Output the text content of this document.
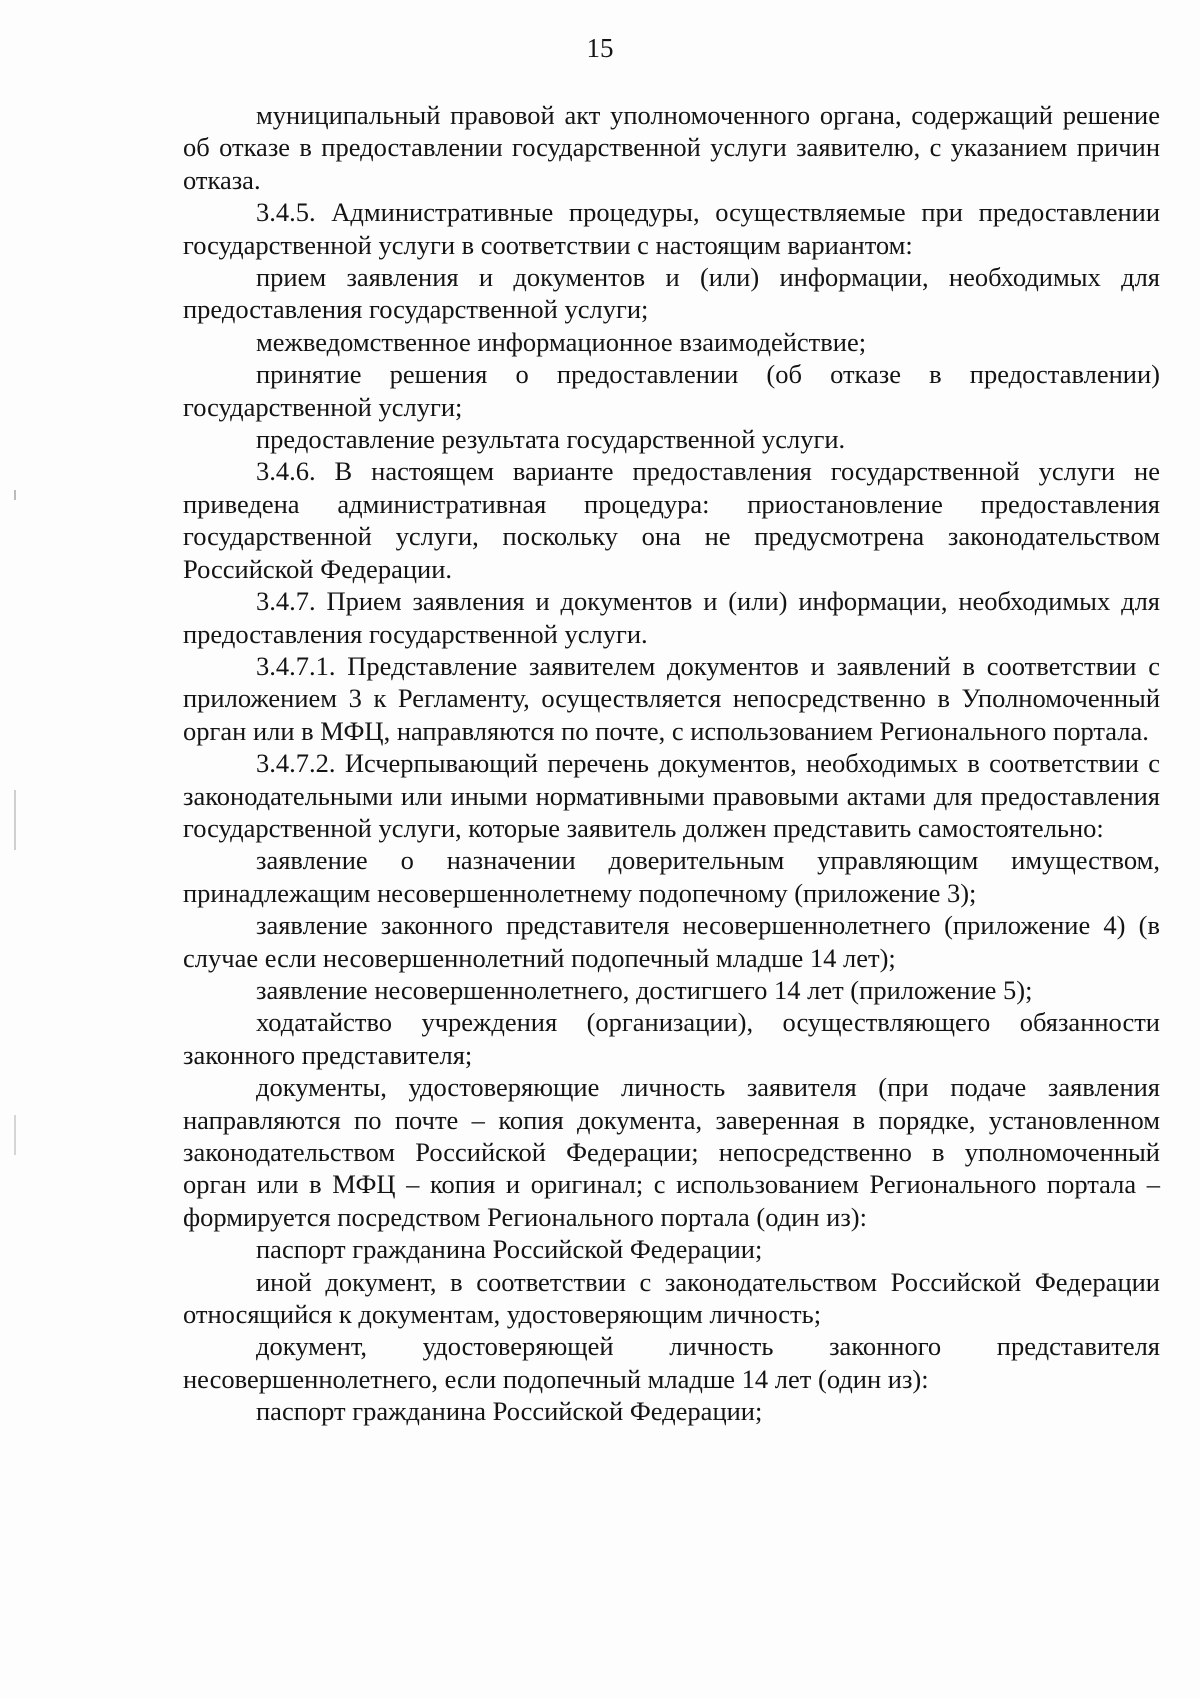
15

муниципальный правовой акт уполномоченного органа, содержащий решение об отказе в предоставлении государственной услуги заявителю, с указанием причин отказа.

3.4.5. Административные процедуры, осуществляемые при предоставлении государственной услуги в соответствии с настоящим вариантом:

прием заявления и документов и (или) информации, необходимых для предоставления государственной услуги;

межведомственное информационное взаимодействие;

принятие решения о предоставлении (об отказе в предоставлении) государственной услуги;

предоставление результата государственной услуги.

3.4.6. В настоящем варианте предоставления государственной услуги не приведена административная процедура: приостановление предоставления государственной услуги, поскольку она не предусмотрена законодательством Российской Федерации.

3.4.7. Прием заявления и документов и (или) информации, необходимых для предоставления государственной услуги.

3.4.7.1. Представление заявителем документов и заявлений в соответствии с приложением 3 к Регламенту, осуществляется непосредственно в Уполномоченный орган или в МФЦ, направляются по почте, с использованием Регионального портала.

3.4.7.2. Исчерпывающий перечень документов, необходимых в соответствии с законодательными или иными нормативными правовыми актами для предоставления государственной услуги, которые заявитель должен представить самостоятельно:

заявление о назначении доверительным управляющим имуществом, принадлежащим несовершеннолетнему подопечному (приложение 3);

заявление законного представителя несовершеннолетнего (приложение 4) (в случае если несовершеннолетний подопечный младше 14 лет);

заявление несовершеннолетнего, достигшего 14 лет (приложение 5);

ходатайство учреждения (организации), осуществляющего обязанности законного представителя;

документы, удостоверяющие личность заявителя (при подаче заявления направляются по почте – копия документа, заверенная в порядке, установленном законодательством Российской Федерации; непосредственно в уполномоченный орган или в МФЦ – копия и оригинал; с использованием Регионального портала – формируется посредством Регионального портала (один из):

паспорт гражданина Российской Федерации;

иной документ, в соответствии с законодательством Российской Федерации относящийся к документам, удостоверяющим личность;

документ, удостоверяющей личность законного представителя несовершеннолетнего, если подопечный младше 14 лет (один из):

паспорт гражданина Российской Федерации;
